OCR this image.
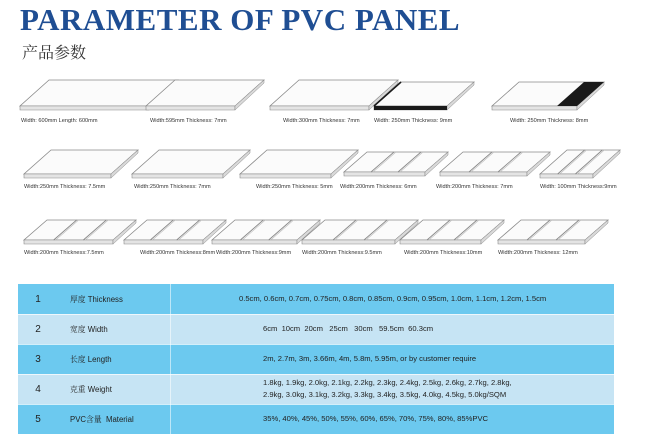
PARAMETER OF PVC PANEL
产品参数
Width: 600mm Length: 600mm	Width:595mm Thickness: 7mm	Width:300mm Thickness: 7mm	Width: 250mm Thickness: 9mm	Width: 250mm Thickness: 8mm
Width:250mm Thickness: 7.5mm	Width:250mm Thickness: 7mm	Width:250mm Thickness: 5mm Width:200mm Thickness: 6mm	Width:200mm Thickness: 7mm	Width: 100mm Thickness:9mm
Width:200mm Thickness:7.5mm	Width:200mm Thickness:8mm Width:200mm Thickness:9mm Width:200mm Thickness:9.5mm	Width:200mm Thickness:10mm	Width:200mm Thickness: 12mm
1	厚度 Thickness	0.5cm, 0.6cm, 0.7cm, 0.75cm, 0.8cm, 0.85cm, 0.9cm, 0.95cm, 1.0cm, 1.1cm, 1.2cm, 1.5cm
2	宽度 Width	6cm  10cm  20cm   25cm   30cm   59.5cm  60.3cm
3	长度 Length	2m, 2.7m, 3m, 3.66m, 4m, 5.8m, 5.95m, or by customer require
4	克重 Weight
1.8kg, 1.9kg, 2.0kg, 2.1kg, 2.2kg, 2.3kg, 2.4kg, 2.5kg, 2.6kg, 2.7kg, 2.8kg,
2.9kg, 3.0kg, 3.1kg, 3.2kg, 3.3kg, 3.4kg, 3.5kg, 4.0kg, 4.5kg, 5.0kg/SQM
5	PVC含量  Material	35%, 40%, 45%, 50%, 55%, 60%, 65%, 70%, 75%, 80%, 85%PVC
